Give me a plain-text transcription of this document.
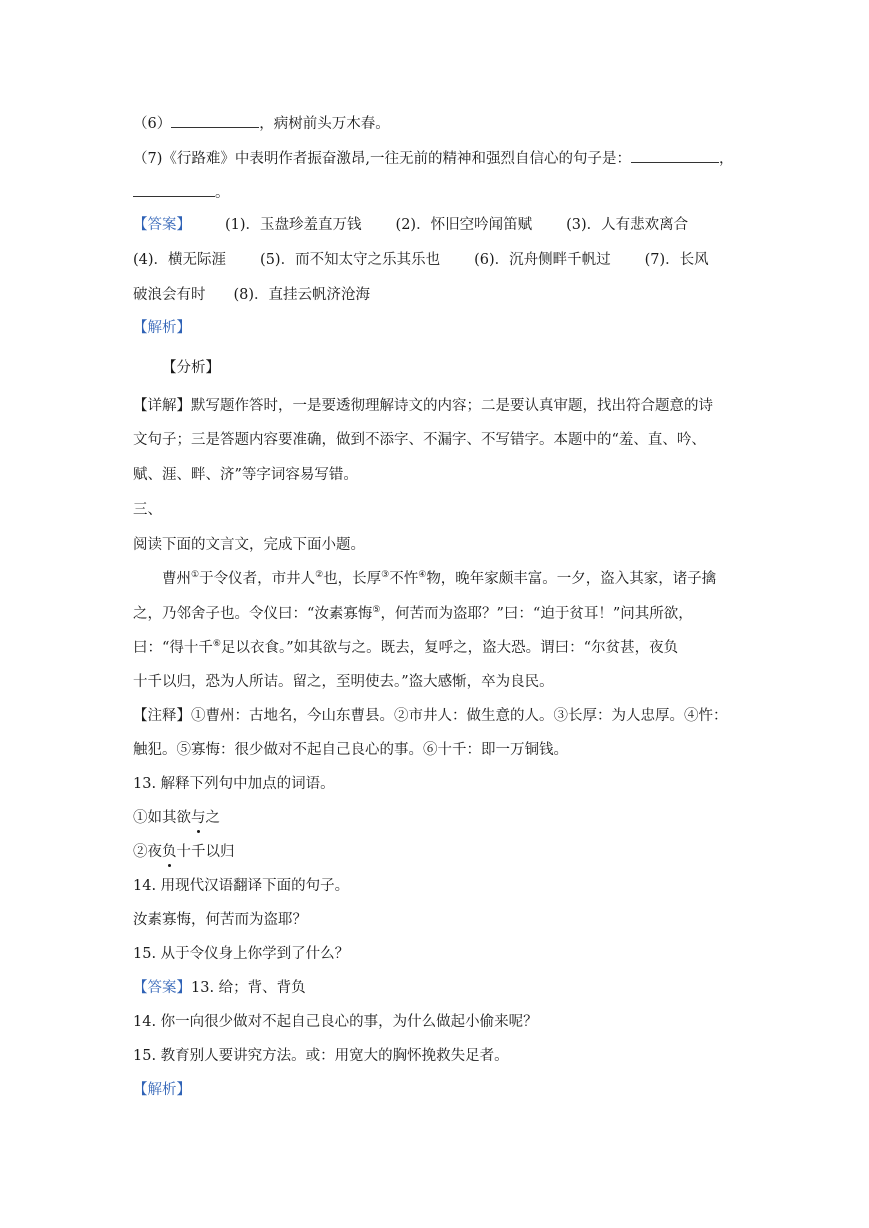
（6）	，病树前头万木春。
（7)《行路难》中表明作者振奋激昂,一往无前的精神和强烈自信心的句子是：	，
。
【答案】 (1)．玉盘珍羞直万钱 (2)．怀旧空吟闻笛赋 (3)．人有悲欢离合
(4)．横无际涯 (5)．而不知太守之乐其乐也 (6)．沉舟侧畔千帆过 (7)．长风
破浪会有时 (8)．直挂云帆济沧海
【解析】
【分析】
【详解】默写题作答时，一是要透彻理解诗文的内容；二是要认真审题，找出符合题意的诗
文句子；三是答题内容要准确，做到不添字、不漏字、不写错字。本题中的“羞、直、吟、
赋、涯、畔、济”等字词容易写错。
三、
阅读下面的文言文，完成下面小题。
曹州①于令仪者，市井人②也，长厚③不忤④物，晚年家颇丰富。一夕，盗入其家，诸子擒
之，乃邻舍子也。令仪曰：“汝素寡悔⑤，何苦而为盗耶？”曰：“迫于贫耳！”问其所欲，
曰：“得十千⑥足以衣食。”如其欲与之。既去，复呼之，盗大恐。谓曰：“尔贫甚，夜负
十千以归，恐为人所诘。留之，至明使去。”盗大感惭，卒为良民。
【注释】①曹州：古地名，今山东曹县。②市井人：做生意的人。③长厚：为人忠厚。④忤：
触犯。⑤寡悔：很少做对不起自己良心的事。⑥十千：即一万铜钱。
13. 解释下列句中加点的词语。
①如其欲与之
②夜负十千以归
14. 用现代汉语翻译下面的句子。
汝素寡悔，何苦而为盗耶？
15. 从于令仪身上你学到了什么？
【答案】13. 给；背、背负
14. 你一向很少做对不起自己良心的事，为什么做起小偷来呢？
15. 教育别人要讲究方法。或：用宽大的胸怀挽救失足者。
【解析】
